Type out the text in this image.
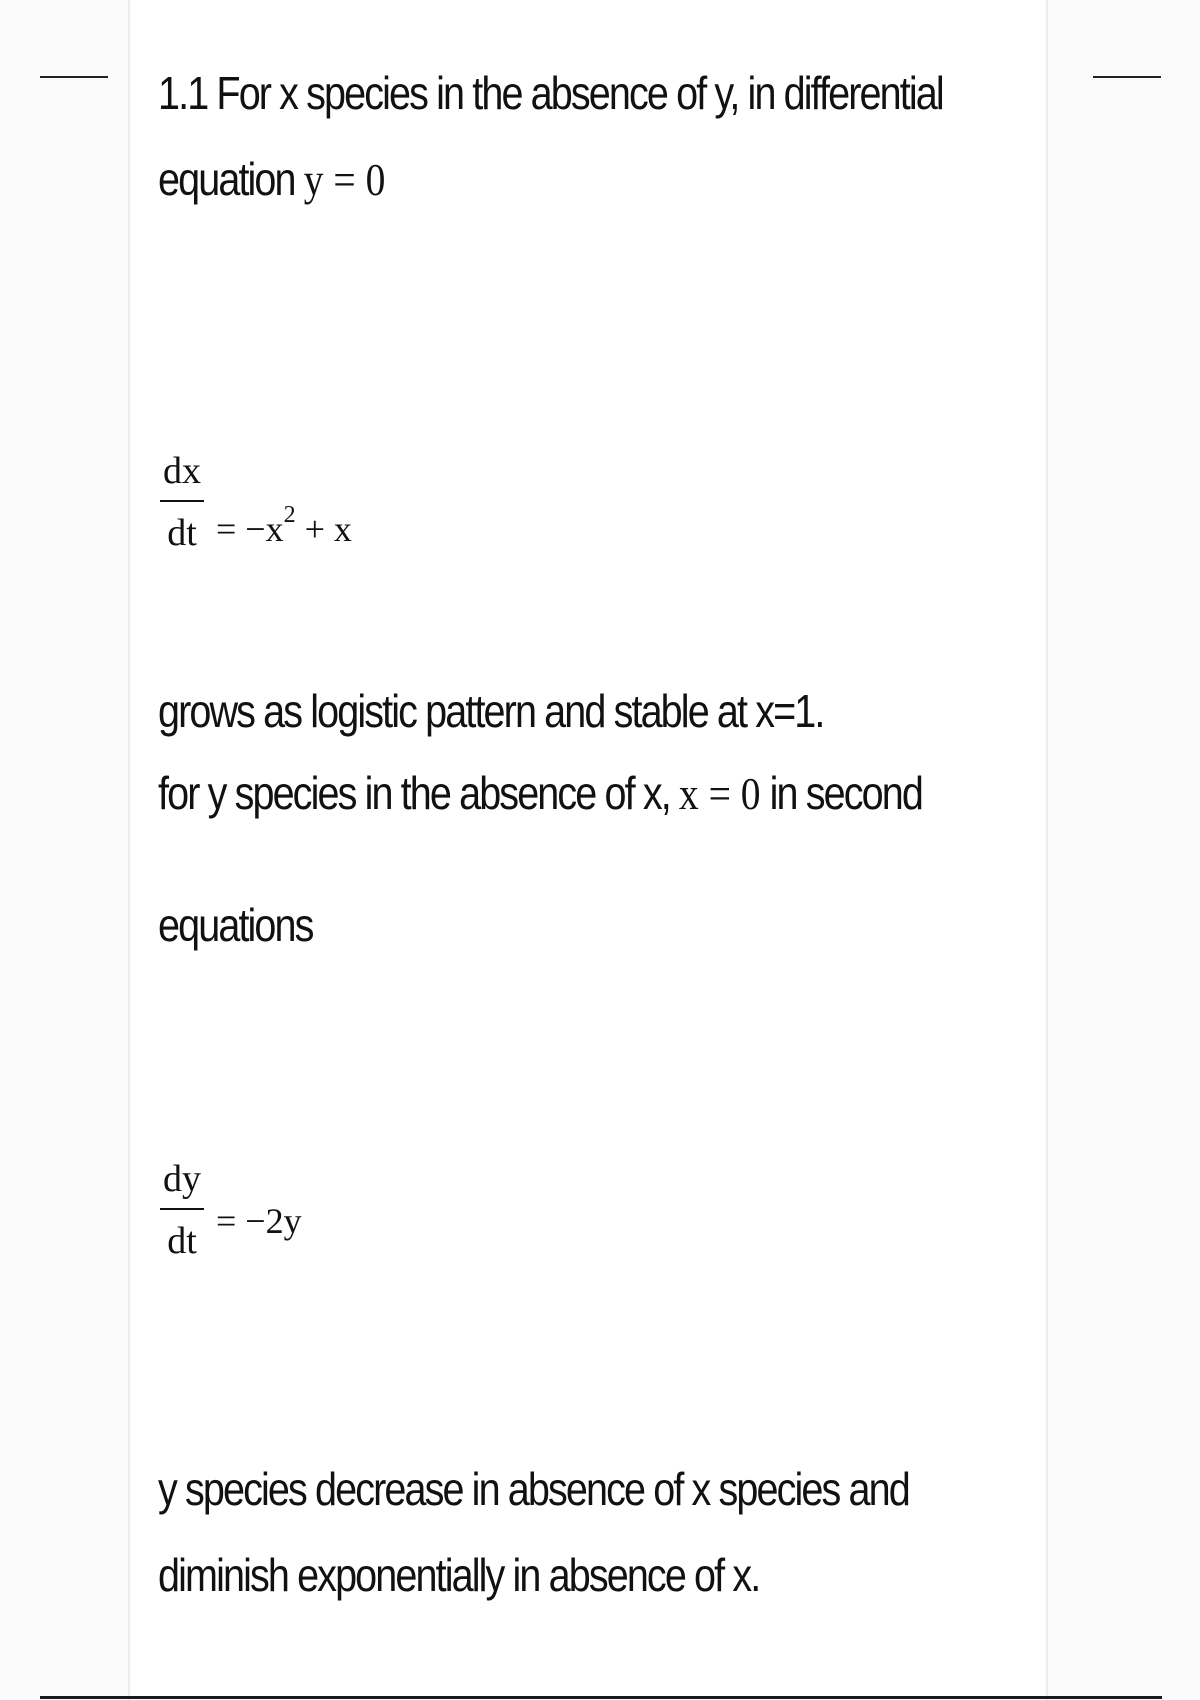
1.1 For x species in the absence of y, in differential
equation y = 0
dx
dt = $-x^2 + x$
grows as logistic pattern and stable at x=1.
for y species in the absence of x, x = 0 in second
equations
dy
dt = −2y
y species decrease in absence of x species and
diminish exponentially in absence of x.
